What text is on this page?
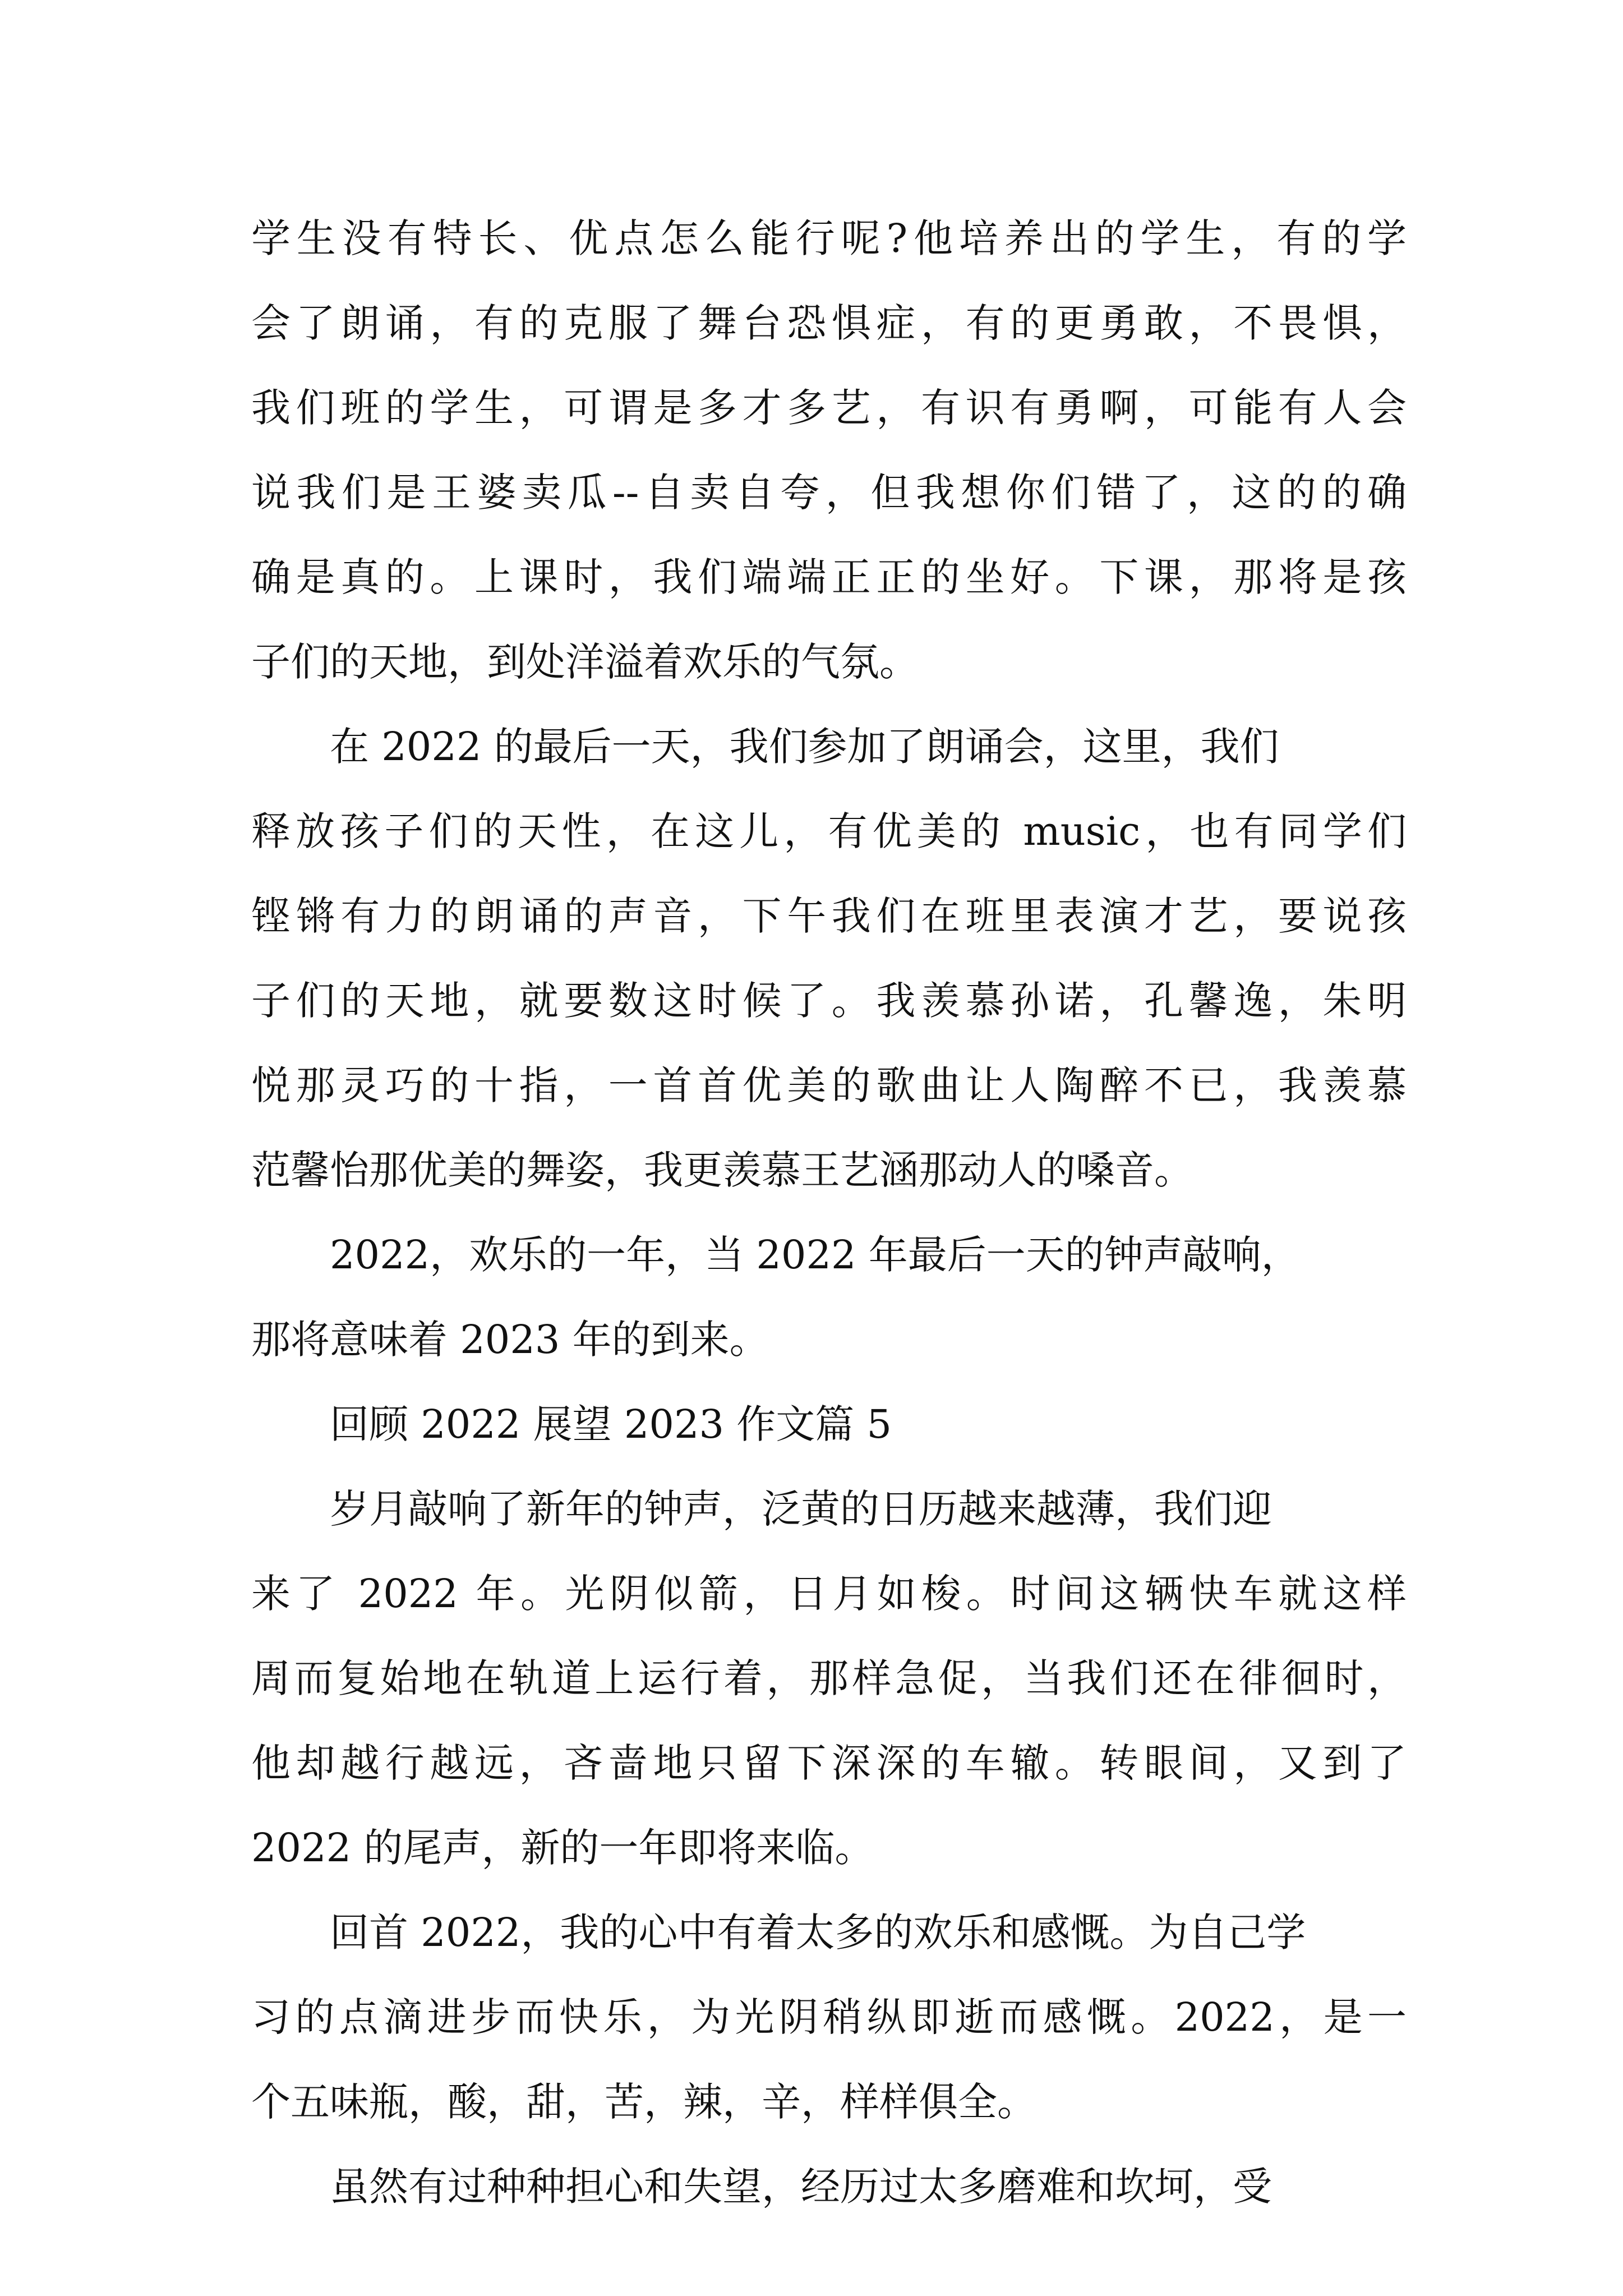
学生没有特长、优点怎么能行呢?他培养出的学生，有的学
会了朗诵，有的克服了舞台恐惧症，有的更勇敢，不畏惧，
我们班的学生，可谓是多才多艺，有识有勇啊，可能有人会
说我们是王婆卖瓜--自卖自夸，但我想你们错了，这的的确
确是真的。上课时，我们端端正正的坐好。下课，那将是孩
子们的天地，到处洋溢着欢乐的气氛。
　　在 2022 的最后一天，我们参加了朗诵会，这里，我们
释放孩子们的天性，在这儿，有优美的 music，也有同学们
铿锵有力的朗诵的声音，下午我们在班里表演才艺，要说孩
子们的天地，就要数这时候了。我羡慕孙诺，孔馨逸，朱明
悦那灵巧的十指，一首首优美的歌曲让人陶醉不已，我羡慕
范馨怡那优美的舞姿，我更羡慕王艺涵那动人的嗓音。
　　2022，欢乐的一年，当 2022 年最后一天的钟声敲响，
那将意味着 2023 年的到来。
　　回顾 2022 展望 2023 作文篇 5
　　岁月敲响了新年的钟声，泛黄的日历越来越薄，我们迎
来了 2022 年。光阴似箭，日月如梭。时间这辆快车就这样
周而复始地在轨道上运行着，那样急促，当我们还在徘徊时，
他却越行越远，吝啬地只留下深深的车辙。转眼间，又到了
2022 的尾声，新的一年即将来临。
　　回首 2022，我的心中有着太多的欢乐和感慨。为自己学
习的点滴进步而快乐，为光阴稍纵即逝而感慨。2022，是一
个五味瓶，酸，甜，苦，辣，辛，样样俱全。
　　虽然有过种种担心和失望，经历过太多磨难和坎坷，受
